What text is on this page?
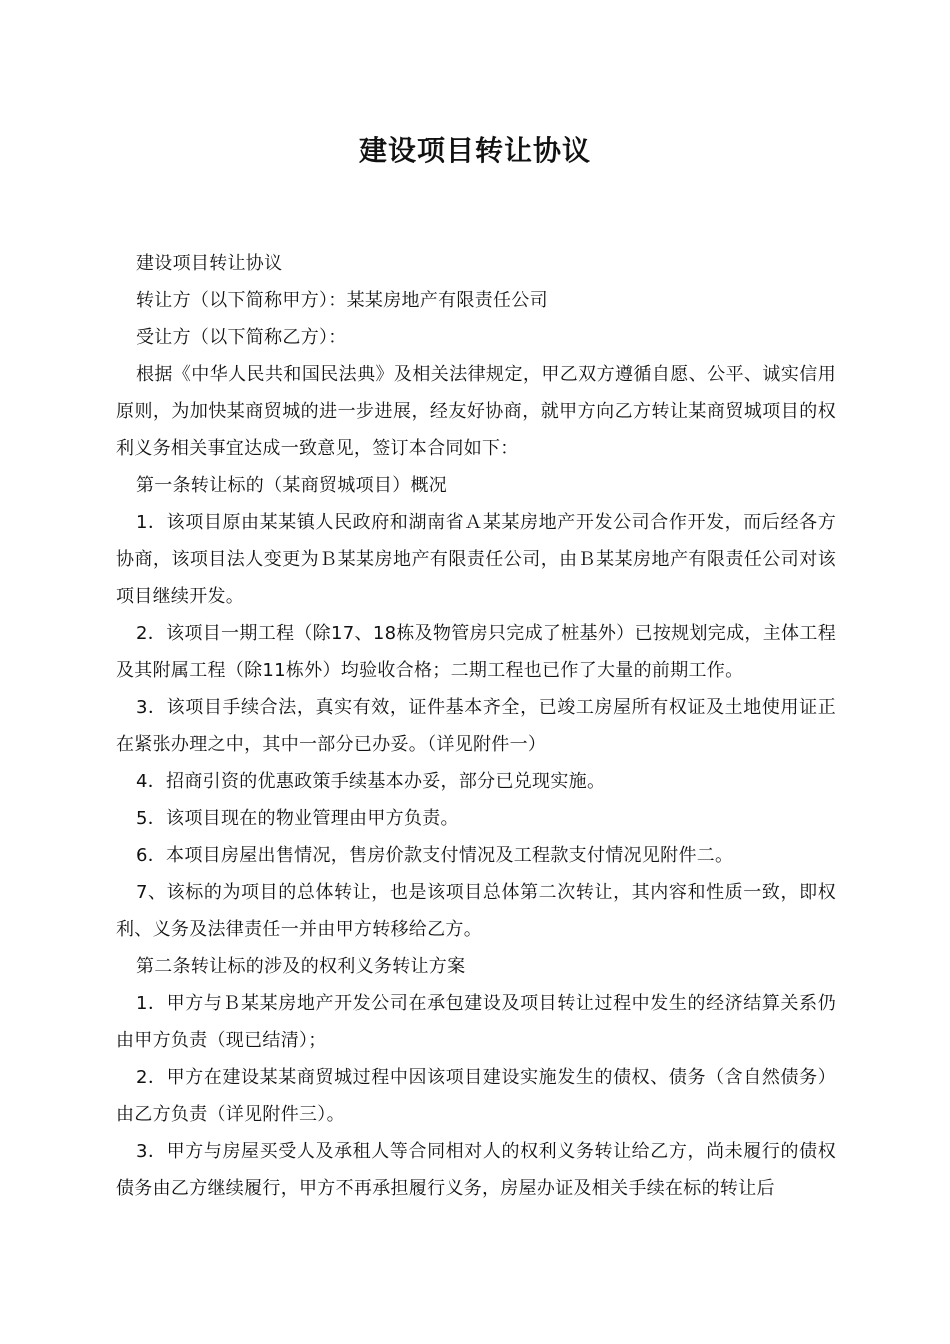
建设项目转让协议

建设项目转让协议

转让方（以下简称甲方）：某某房地产有限责任公司

受让方（以下简称乙方）：

根据《中华人民共和国民法典》及相关法律规定，甲乙双方遵循自愿、公平、诚实信用原则，为加快某商贸城的进一步进展，经友好协商，就甲方向乙方转让某商贸城项目的权利义务相关事宜达成一致意见，签订本合同如下：

第一条转让标的（某商贸城项目）概况

1．该项目原由某某镇人民政府和湖南省Ａ某某房地产开发公司合作开发，而后经各方协商，该项目法人变更为Ｂ某某房地产有限责任公司，由Ｂ某某房地产有限责任公司对该项目继续开发。

2．该项目一期工程（除17、18栋及物管房只完成了桩基外）已按规划完成，主体工程及其附属工程（除11栋外）均验收合格；二期工程也已作了大量的前期工作。

3．该项目手续合法，真实有效，证件基本齐全，已竣工房屋所有权证及土地使用证正在紧张办理之中，其中一部分已办妥。（详见附件一）

4．招商引资的优惠政策手续基本办妥，部分已兑现实施。

5．该项目现在的物业管理由甲方负责。

6．本项目房屋出售情况，售房价款支付情况及工程款支付情况见附件二。

7、该标的为项目的总体转让，也是该项目总体第二次转让，其内容和性质一致，即权利、义务及法律责任一并由甲方转移给乙方。

第二条转让标的涉及的权利义务转让方案

1．甲方与Ｂ某某房地产开发公司在承包建设及项目转让过程中发生的经济结算关系仍由甲方负责（现已结清）；

2．甲方在建设某某商贸城过程中因该项目建设实施发生的债权、债务（含自然债务）由乙方负责（详见附件三）。

3．甲方与房屋买受人及承租人等合同相对人的权利义务转让给乙方，尚未履行的债权债务由乙方继续履行，甲方不再承担履行义务，房屋办证及相关手续在标的转让后
